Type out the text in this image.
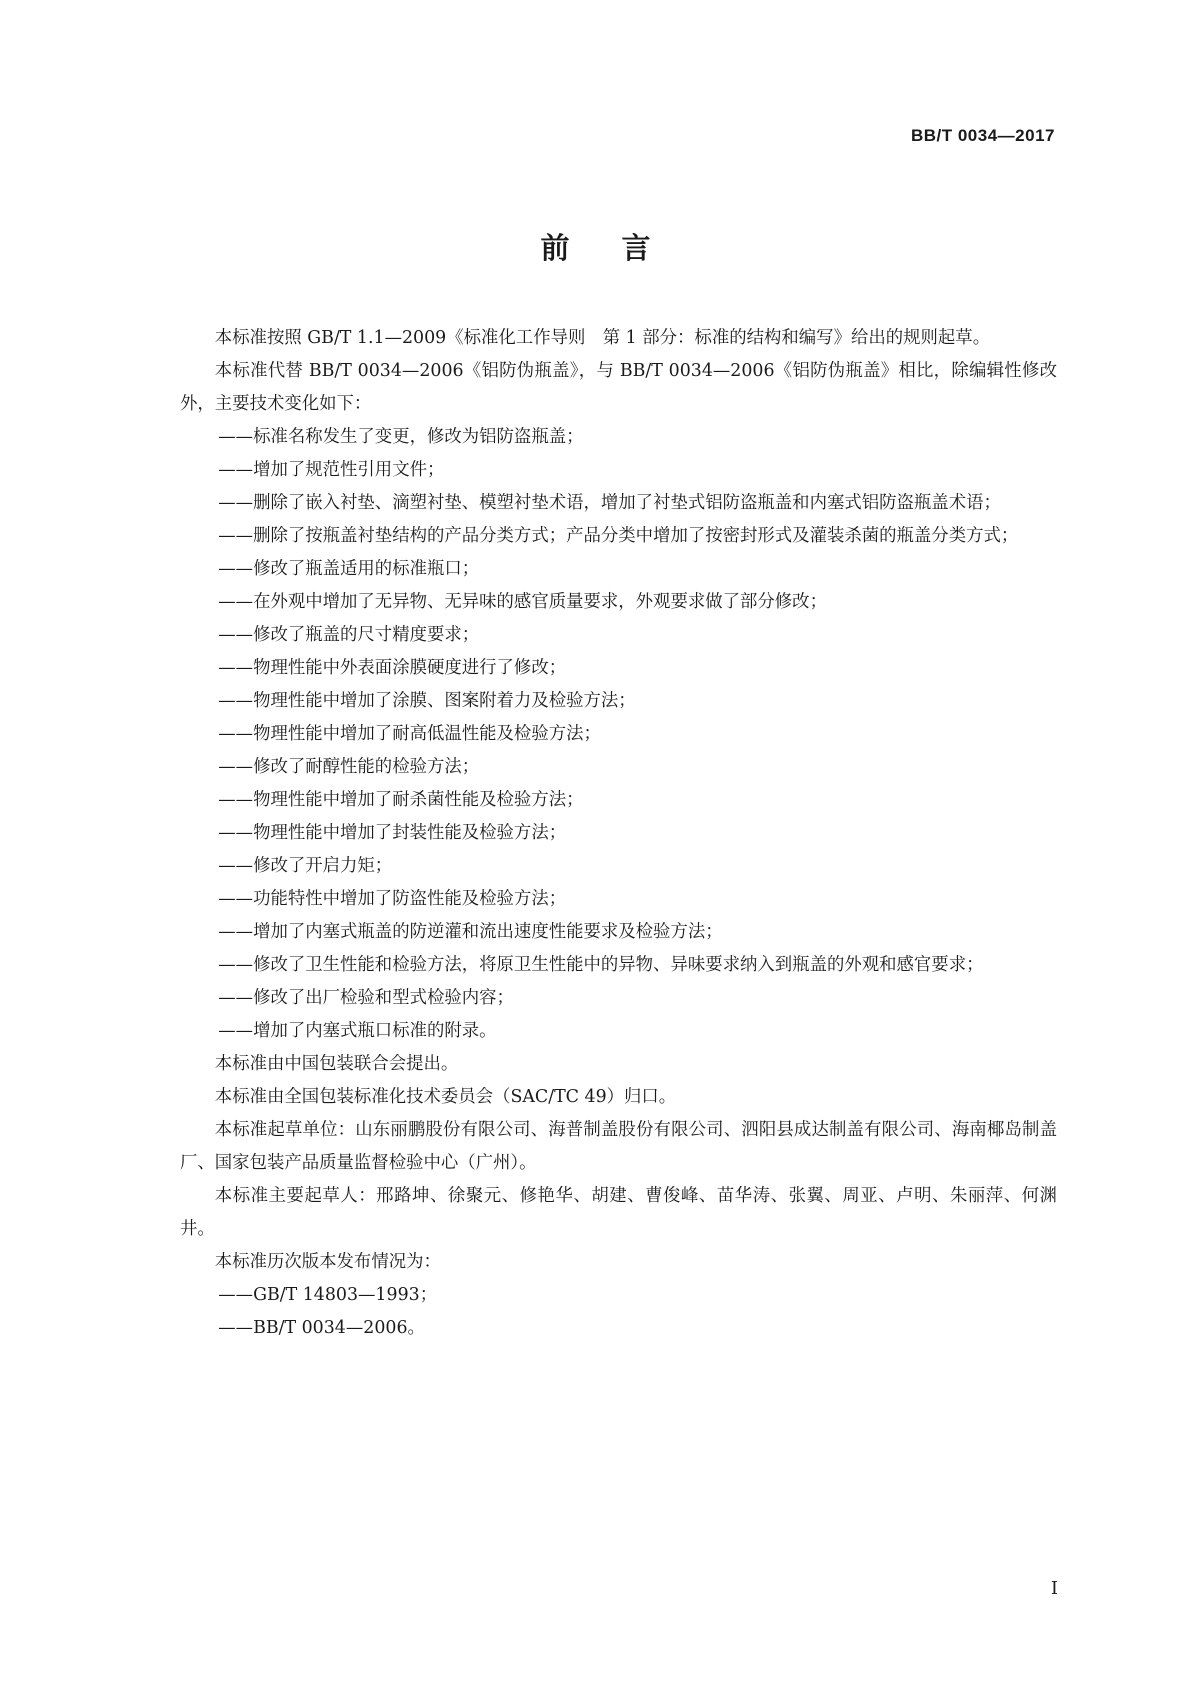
BB/T 0034—2017
前言

本标准按照 GB/T 1.1—2009《标准化工作导则　第 1 部分：标准的结构和编写》给出的规则起草。

本标准代替 BB/T 0034—2006《铝防伪瓶盖》，与 BB/T 0034—2006《铝防伪瓶盖》相比，除编辑性修改外，主要技术变化如下：

——标准名称发生了变更，修改为铝防盗瓶盖；

——增加了规范性引用文件；

——删除了嵌入衬垫、滴塑衬垫、模塑衬垫术语，增加了衬垫式铝防盗瓶盖和内塞式铝防盗瓶盖术语；

——删除了按瓶盖衬垫结构的产品分类方式；产品分类中增加了按密封形式及灌装杀菌的瓶盖分类方式；

——修改了瓶盖适用的标准瓶口；

——在外观中增加了无异物、无异味的感官质量要求，外观要求做了部分修改；

——修改了瓶盖的尺寸精度要求；

——物理性能中外表面涂膜硬度进行了修改；

——物理性能中增加了涂膜、图案附着力及检验方法；

——物理性能中增加了耐高低温性能及检验方法；

——修改了耐醇性能的检验方法；

——物理性能中增加了耐杀菌性能及检验方法；

——物理性能中增加了封装性能及检验方法；

——修改了开启力矩；

——功能特性中增加了防盗性能及检验方法；

——增加了内塞式瓶盖的防逆灌和流出速度性能要求及检验方法；

——修改了卫生性能和检验方法，将原卫生性能中的异物、异味要求纳入到瓶盖的外观和感官要求；

——修改了出厂检验和型式检验内容；

——增加了内塞式瓶口标准的附录。

本标准由中国包装联合会提出。

本标准由全国包装标准化技术委员会（SAC/TC 49）归口。

本标准起草单位：山东丽鹏股份有限公司、海普制盖股份有限公司、泗阳县成达制盖有限公司、海南椰岛制盖厂、国家包装产品质量监督检验中心（广州）。

本标准主要起草人：邢路坤、徐聚元、修艳华、胡建、曹俊峰、苗华涛、张翼、周亚、卢明、朱丽萍、何渊井。

本标准历次版本发布情况为：

——GB/T 14803—1993；

——BB/T 0034—2006。

I
